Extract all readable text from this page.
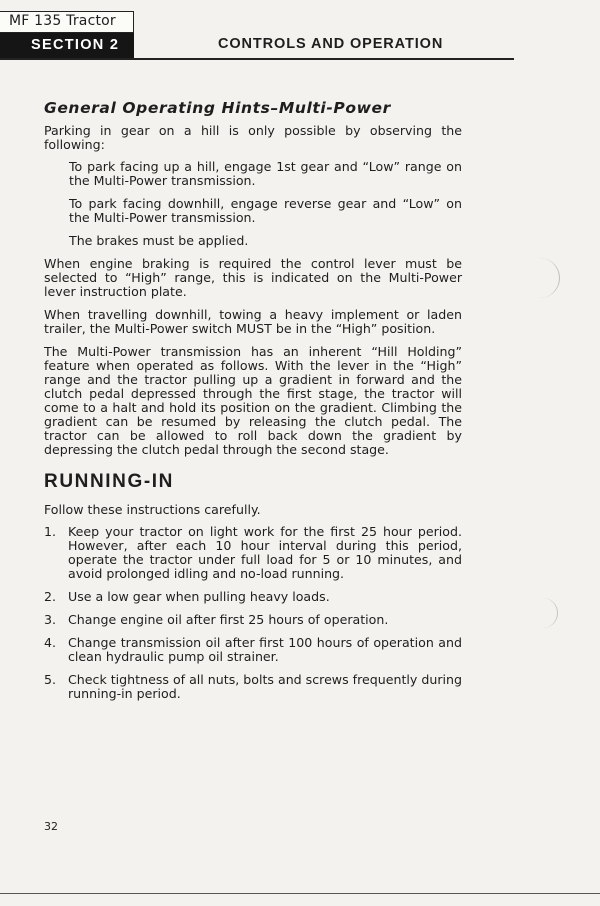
MF 135 Tractor
SECTION 2	CONTROLS AND OPERATION
General Operating Hints–Multi-Power

Parking in gear on a hill is only possible by observing the following:

To park facing up a hill, engage 1st gear and “Low” range on the Multi-Power transmission.

To park facing downhill, engage reverse gear and “Low” on the Multi-Power transmission.

The brakes must be applied.

When engine braking is required the control lever must be selected to “High” range, this is indicated on the Multi-Power lever instruction plate.

When travelling downhill, towing a heavy implement or laden trailer, the Multi-Power switch MUST be in the “High” position.

The Multi-Power transmission has an inherent “Hill Holding” feature when operated as follows. With the lever in the “High” range and the tractor pulling up a gradient in forward and the clutch pedal depressed through the first stage, the tractor will come to a halt and hold its position on the gradient. Climbing the gradient can be resumed by releasing the clutch pedal. The tractor can be allowed to roll back down the gradient by depressing the clutch pedal through the second stage.

RUNNING-IN

Follow these instructions carefully.

1. Keep your tractor on light work for the first 25 hour period. However, after each 10 hour interval during this period, operate the tractor under full load for 5 or 10 minutes, and avoid prolonged idling and no-load running.
2. Use a low gear when pulling heavy loads.
3. Change engine oil after first 25 hours of operation.
4. Change transmission oil after first 100 hours of operation and clean hydraulic pump oil strainer.
5. Check tightness of all nuts, bolts and screws frequently during running-in period.
32
